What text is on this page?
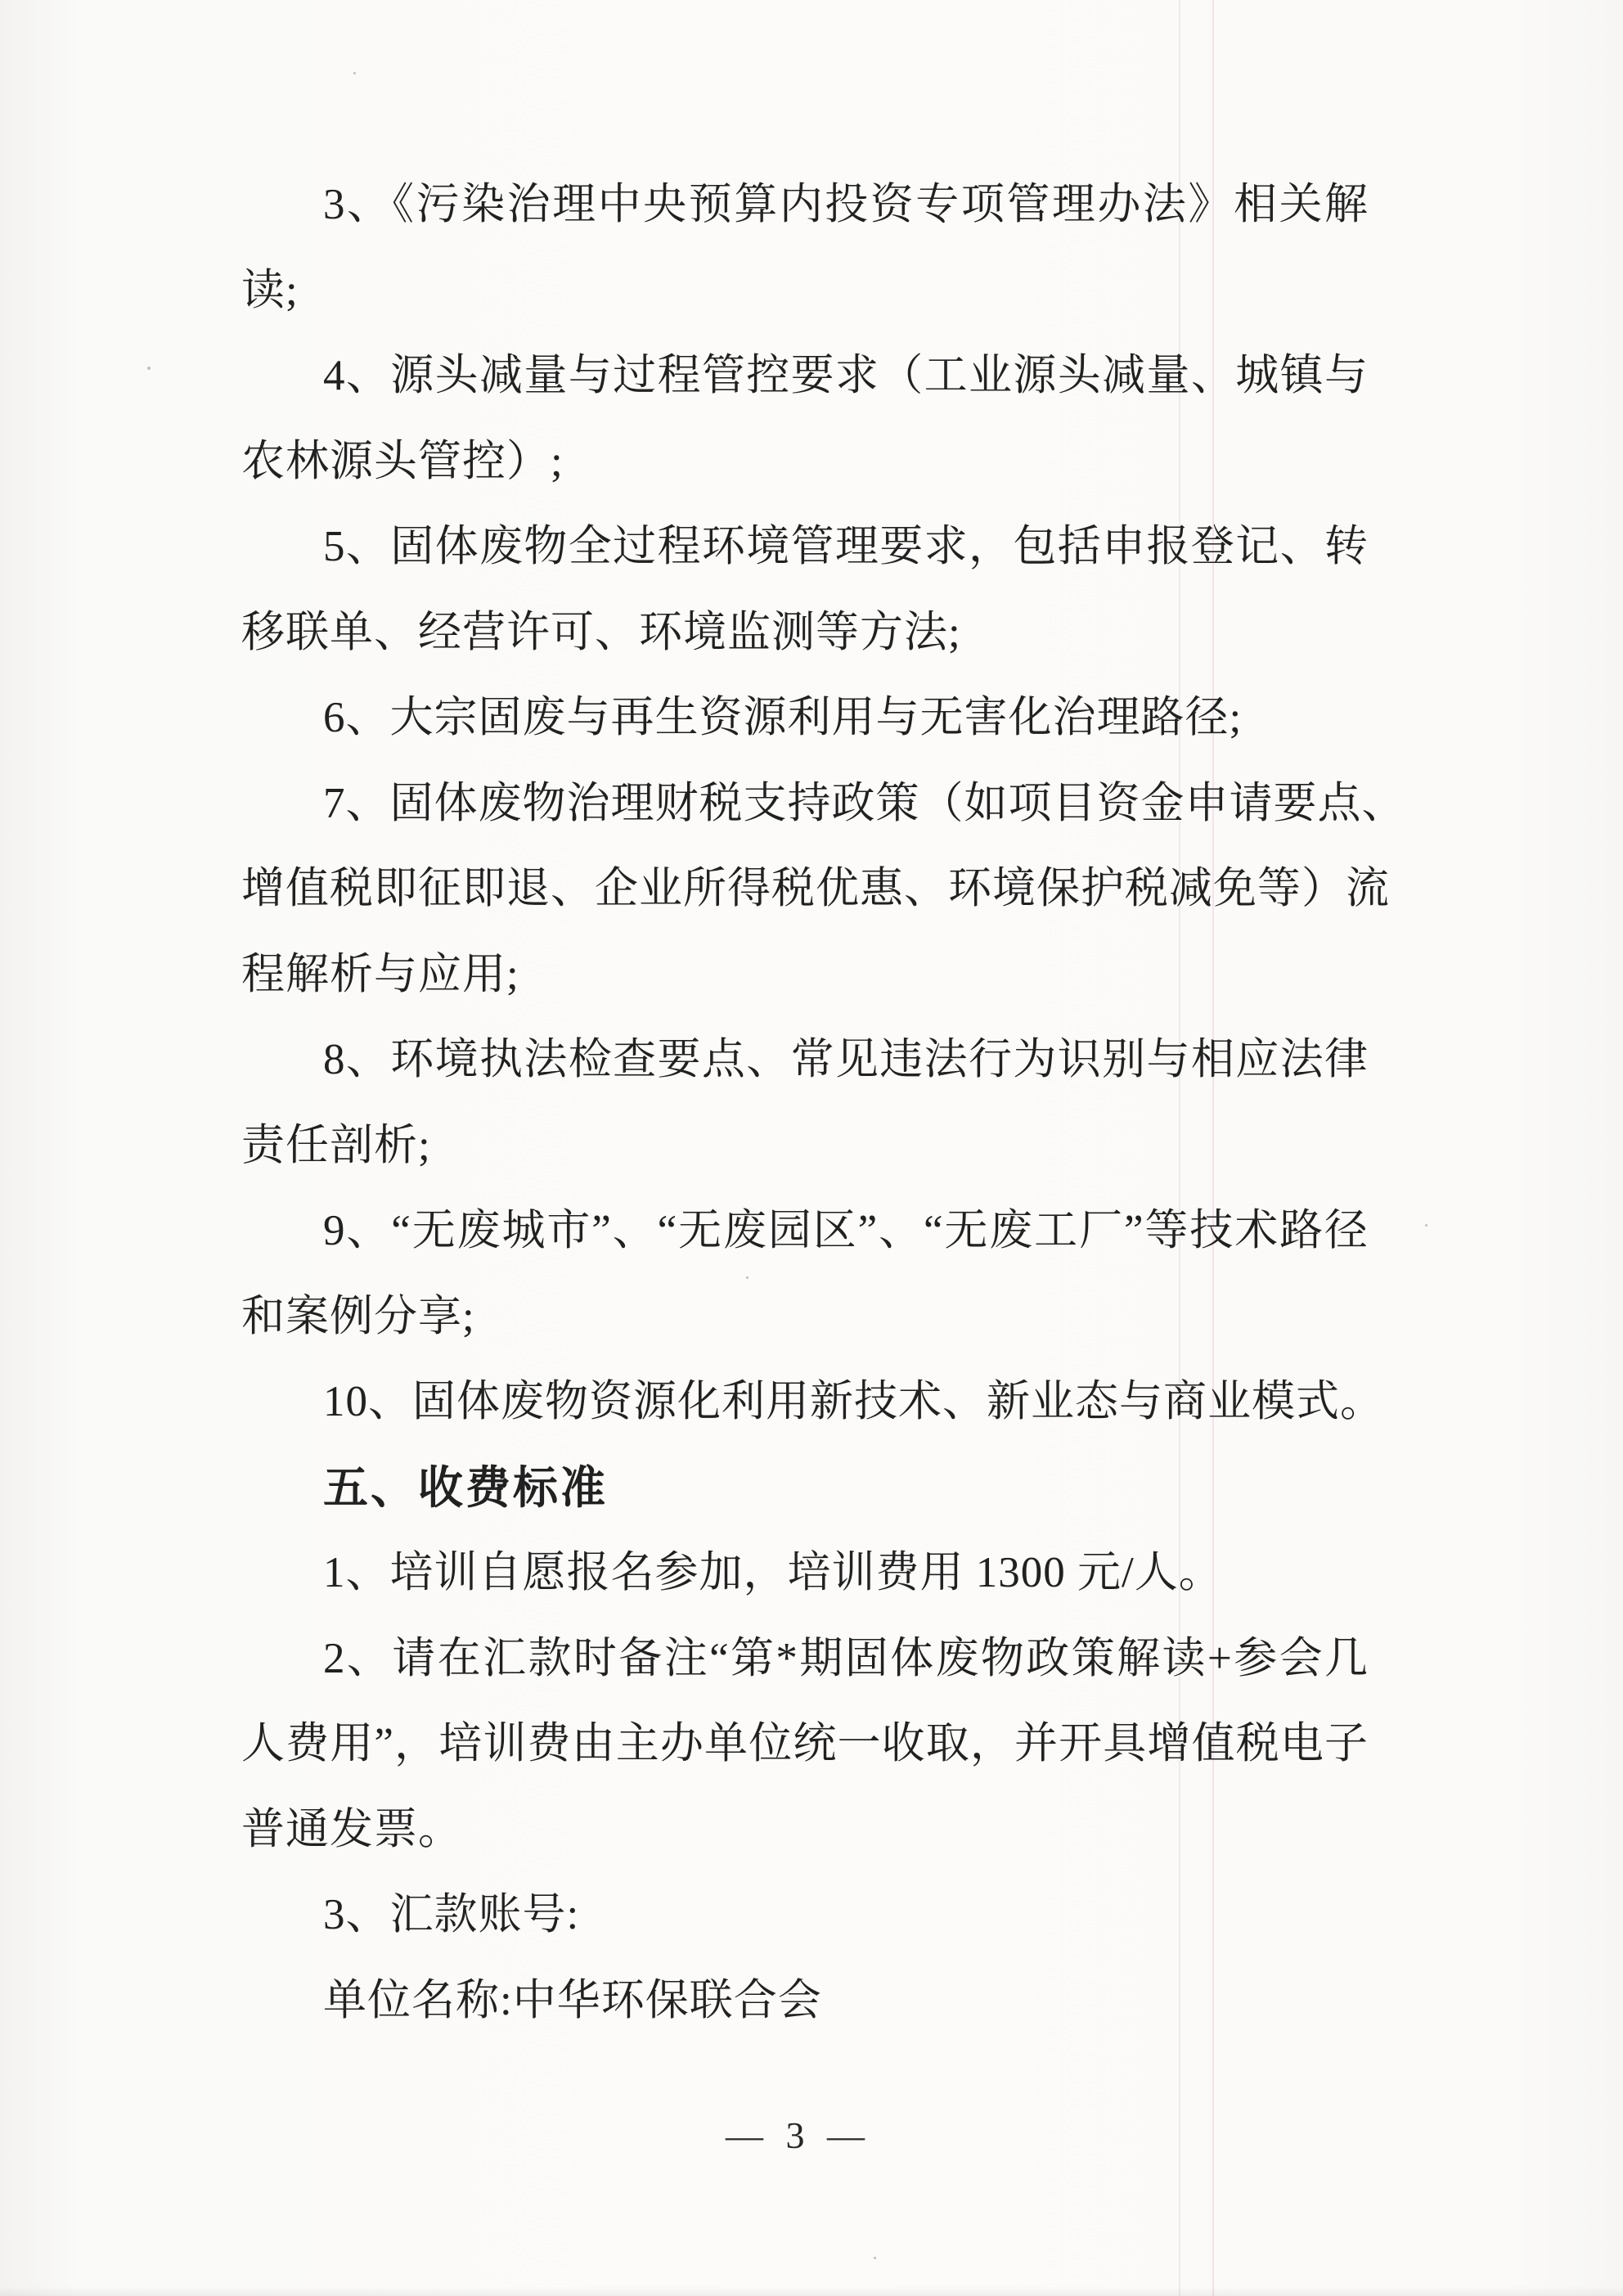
3、《污染治理中央预算内投资专项管理办法》相关解
读;
4、源头减量与过程管控要求（工业源头减量、城镇与
农林源头管控）;
5、固体废物全过程环境管理要求，包括申报登记、转
移联单、经营许可、环境监测等方法;
6、大宗固废与再生资源利用与无害化治理路径;
7、固体废物治理财税支持政策（如项目资金申请要点、
增值税即征即退、企业所得税优惠、环境保护税减免等）流
程解析与应用;
8、环境执法检查要点、常见违法行为识别与相应法律
责任剖析;
9、“无废城市”、“无废园区”、“无废工厂”等技术路径
和案例分享;
10、固体废物资源化利用新技术、新业态与商业模式。
五、收费标准
1、培训自愿报名参加，培训费用 1300 元/人。
2、请在汇款时备注“第*期固体废物政策解读+参会几
人费用”，培训费由主办单位统一收取，并开具增值税电子
普通发票。
3、汇款账号:
单位名称:中华环保联合会
— 3 —
